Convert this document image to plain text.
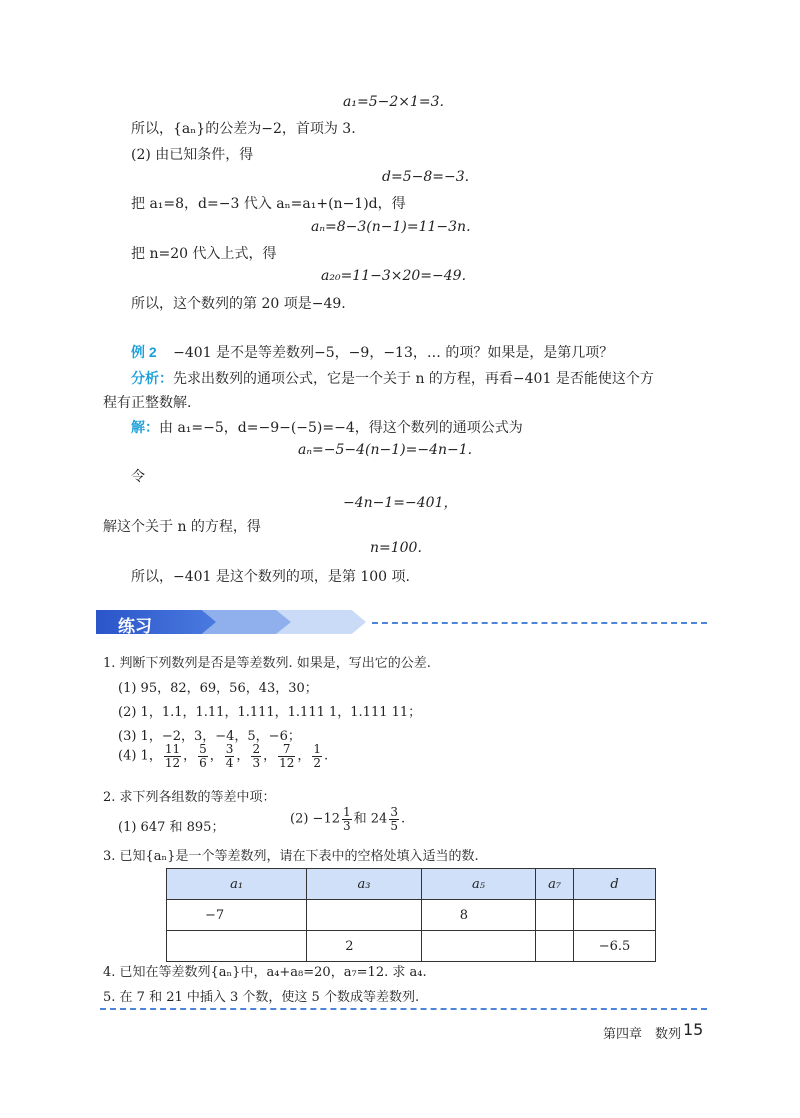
a₁=5−2×1=3.
所以，{aₙ}的公差为−2，首项为 3.
(2) 由已知条件，得
d=5−8=−3.
把 a₁=8，d=−3 代入 aₙ=a₁+(n−1)d，得
aₙ=8−3(n−1)=11−3n.
把 n=20 代入上式，得
a₂₀=11−3×20=−49.
所以，这个数列的第 20 项是−49.
例 2 −401 是不是等差数列−5，−9，−13，… 的项？如果是，是第几项？
分析：先求出数列的通项公式，它是一个关于 n 的方程，再看−401 是否能使这个方
程有正整数解.
解：由 a₁=−5，d=−9−(−5)=−4，得这个数列的通项公式为
aₙ=−5−4(n−1)=−4n−1.
令
−4n−1=−401，
解这个关于 n 的方程，得
n=100.
所以，−401 是这个数列的项，是第 100 项.
练习
1. 判断下列数列是否是等差数列. 如果是，写出它的公差.
(1) 95，82，69，56，43，30；
(2) 1，1.1，1.11，1.111，1.111 1，1.111 11；
(3) 1，−2，3，−4，5，−6；
(4) 1， $\frac{11}{12}$ ， $\frac{5}{6}$ ， $\frac{3}{4}$ ， $\frac{2}{3}$ ， $\frac{7}{12}$ ， $\frac{1}{2}$ .
2. 求下列各组数的等差中项：
(1) 647 和 895；
$(2) -12 \frac{1}{3}$ 和 $24 \frac{3}{5}$ .
3. 已知{aₙ}是一个等差数列，请在下表中的空格处填入适当的数.
a₁	a₃	a₅	a₇	d
−7		8		
	2			−6.5
4. 已知在等差数列{aₙ}中，a₄+a₈=20，a₇=12. 求 a₄.
5. 在 7 和 21 中插入 3 个数，使这 5 个数成等差数列.
第四章　数列 15
